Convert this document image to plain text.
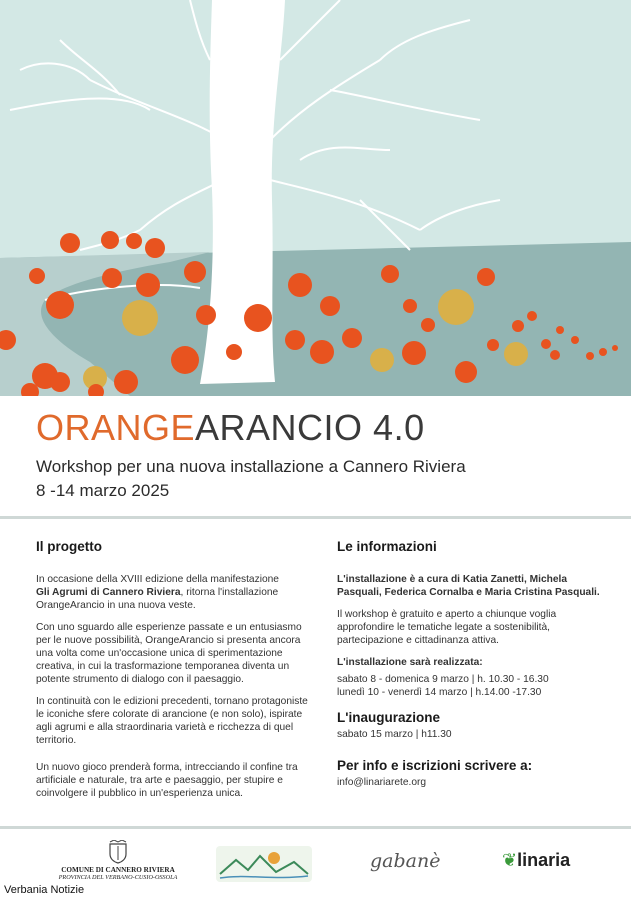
ORANGEARANCIO 4.0
Workshop per una nuova installazione a Cannero Riviera
8 -14 marzo 2025
Il progetto

In occasione della XVIII edizione della manifestazione
Gli Agrumi di Cannero Riviera, ritorna l'installazione OrangeArancio in una nuova veste.

Con uno sguardo alle esperienze passate e un entusiasmo per le nuove possibilità, OrangeArancio si presenta ancora una volta come un'occasione unica di sperimentazione creativa, in cui la trasformazione temporanea diventa un potente strumento di dialogo con il paesaggio.

In continuità con le edizioni precedenti, tornano protagoniste le iconiche sfere colorate di arancione (e non solo), ispirate agli agrumi e alla straordinaria varietà e ricchezza di quel territorio.

Un nuovo gioco prenderà forma, intrecciando il confine tra artificiale e naturale, tra arte e paesaggio, per stupire e coinvolgere il pubblico in un'esperienza unica.

Le informazioni

L'installazione è a cura di Katia Zanetti, Michela Pasquali, Federica Cornalba e Maria Cristina Pasquali.

Il workshop è gratuito e aperto a chiunque voglia approfondire le tematiche legate a sostenibilità, partecipazione e cittadinanza attiva.

L'installazione sarà realizzata:

sabato 8 - domenica 9 marzo | h. 10.30 - 16.30

lunedì 10 - venerdì 14 marzo | h.14.00 -17.30

L'inaugurazione

sabato 15 marzo | h11.30

Per info e iscrizioni scrivere a:

info@linariarete.org

COMUNE DI CANNERO RIVIERA
PROVINCIA DEL VERBANO-CUSIO-OSSOLA
gabanè	❦linaria
Verbania Notizie
